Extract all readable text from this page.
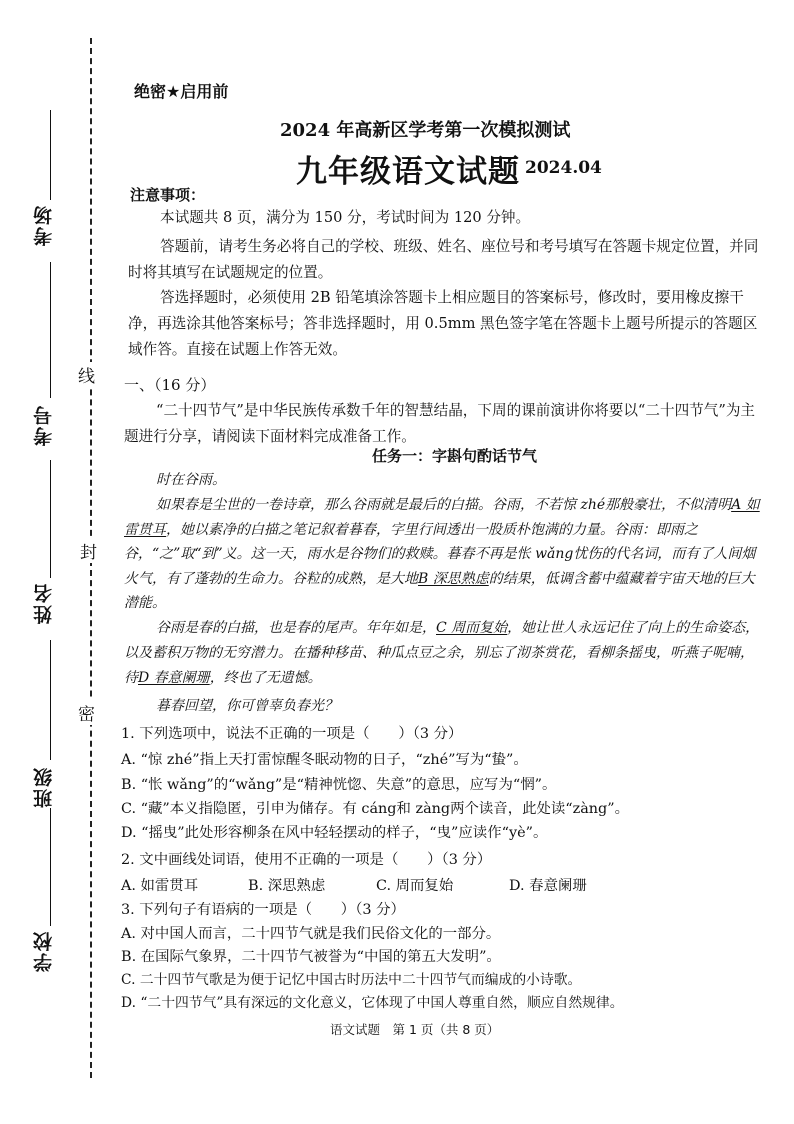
线
封
密
考场
考号
姓名
班级
学校
绝密★启用前
2024 年高新区学考第一次模拟测试
九年级语文试题 2024.04
注意事项：
本试题共 8 页，满分为 150 分，考试时间为 120 分钟。
答题前，请考生务必将自己的学校、班级、姓名、座位号和考号填写在答题卡规定位置，并同时将其填写在试题规定的位置。
答选择题时，必须使用 2B 铅笔填涂答题卡上相应题目的答案标号，修改时，要用橡皮擦干净，再选涂其他答案标号；答非选择题时，用 0.5mm 黑色签字笔在答题卡上题号所提示的答题区域作答。直接在试题上作答无效。
一、（16 分）
“二十四节气”是中华民族传承数千年的智慧结晶，下周的课前演讲你将要以“二十四节气”为主题进行分享，请阅读下面材料完成准备工作。
任务一：字斟句酌话节气
时在谷雨。
如果春是尘世的一卷诗章，那么谷雨就是最后的白描。谷雨，不若惊 zhé那般豪壮，不似清明A 如雷贯耳，她以素净的白描之笔记叙着暮春，字里行间透出一股质朴饱满的力量。谷雨：即雨之谷，“之”取“到”义。这一天，雨水是谷物们的救赎。暮春不再是怅 wǎng忧伤的代名词，而有了人间烟火气，有了蓬勃的生命力。谷粒的成熟，是大地B 深思熟虑的结果，低调含蓄中蕴藏着宇宙天地的巨大潜能。
谷雨是春的白描，也是春的尾声。年年如是，C 周而复始，她让世人永远记住了向上的生命姿态，以及蓄积万物的无穷潜力。在播种移苗、种瓜点豆之余，别忘了沏茶赏花，看柳条摇曳，听燕子呢喃，待D 春意阑珊，终也了无遗憾。
暮春回望，你可曾辜负春光？
1. 下列选项中，说法不正确的一项是（　　）（3 分）
A. “惊 zhé”指上天打雷惊醒冬眠动物的日子，“zhé”写为“蛰”。
B. “怅 wǎng”的“wǎng”是“精神恍惚、失意”的意思，应写为“惘”。
C. “藏”本义指隐匿，引申为储存。有 cáng和 zàng两个读音，此处读“zàng”。
D. “摇曳”此处形容柳条在风中轻轻摆动的样子，“曳”应读作“yè”。
2. 文中画线处词语，使用不正确的一项是（　　）（3 分）
A. 如雷贯耳	B. 深思熟虑	C. 周而复始	D. 春意阑珊
3. 下列句子有语病的一项是（　　）（3 分）
A. 对中国人而言，二十四节气就是我们民俗文化的一部分。
B. 在国际气象界，二十四节气被誉为“中国的第五大发明”。
C. 二十四节气歌是为便于记忆中国古时历法中二十四节气而编成的小诗歌。
D. “二十四节气”具有深远的文化意义，它体现了中国人尊重自然，顺应自然规律。
语文试题　第 1 页（共 8 页）
